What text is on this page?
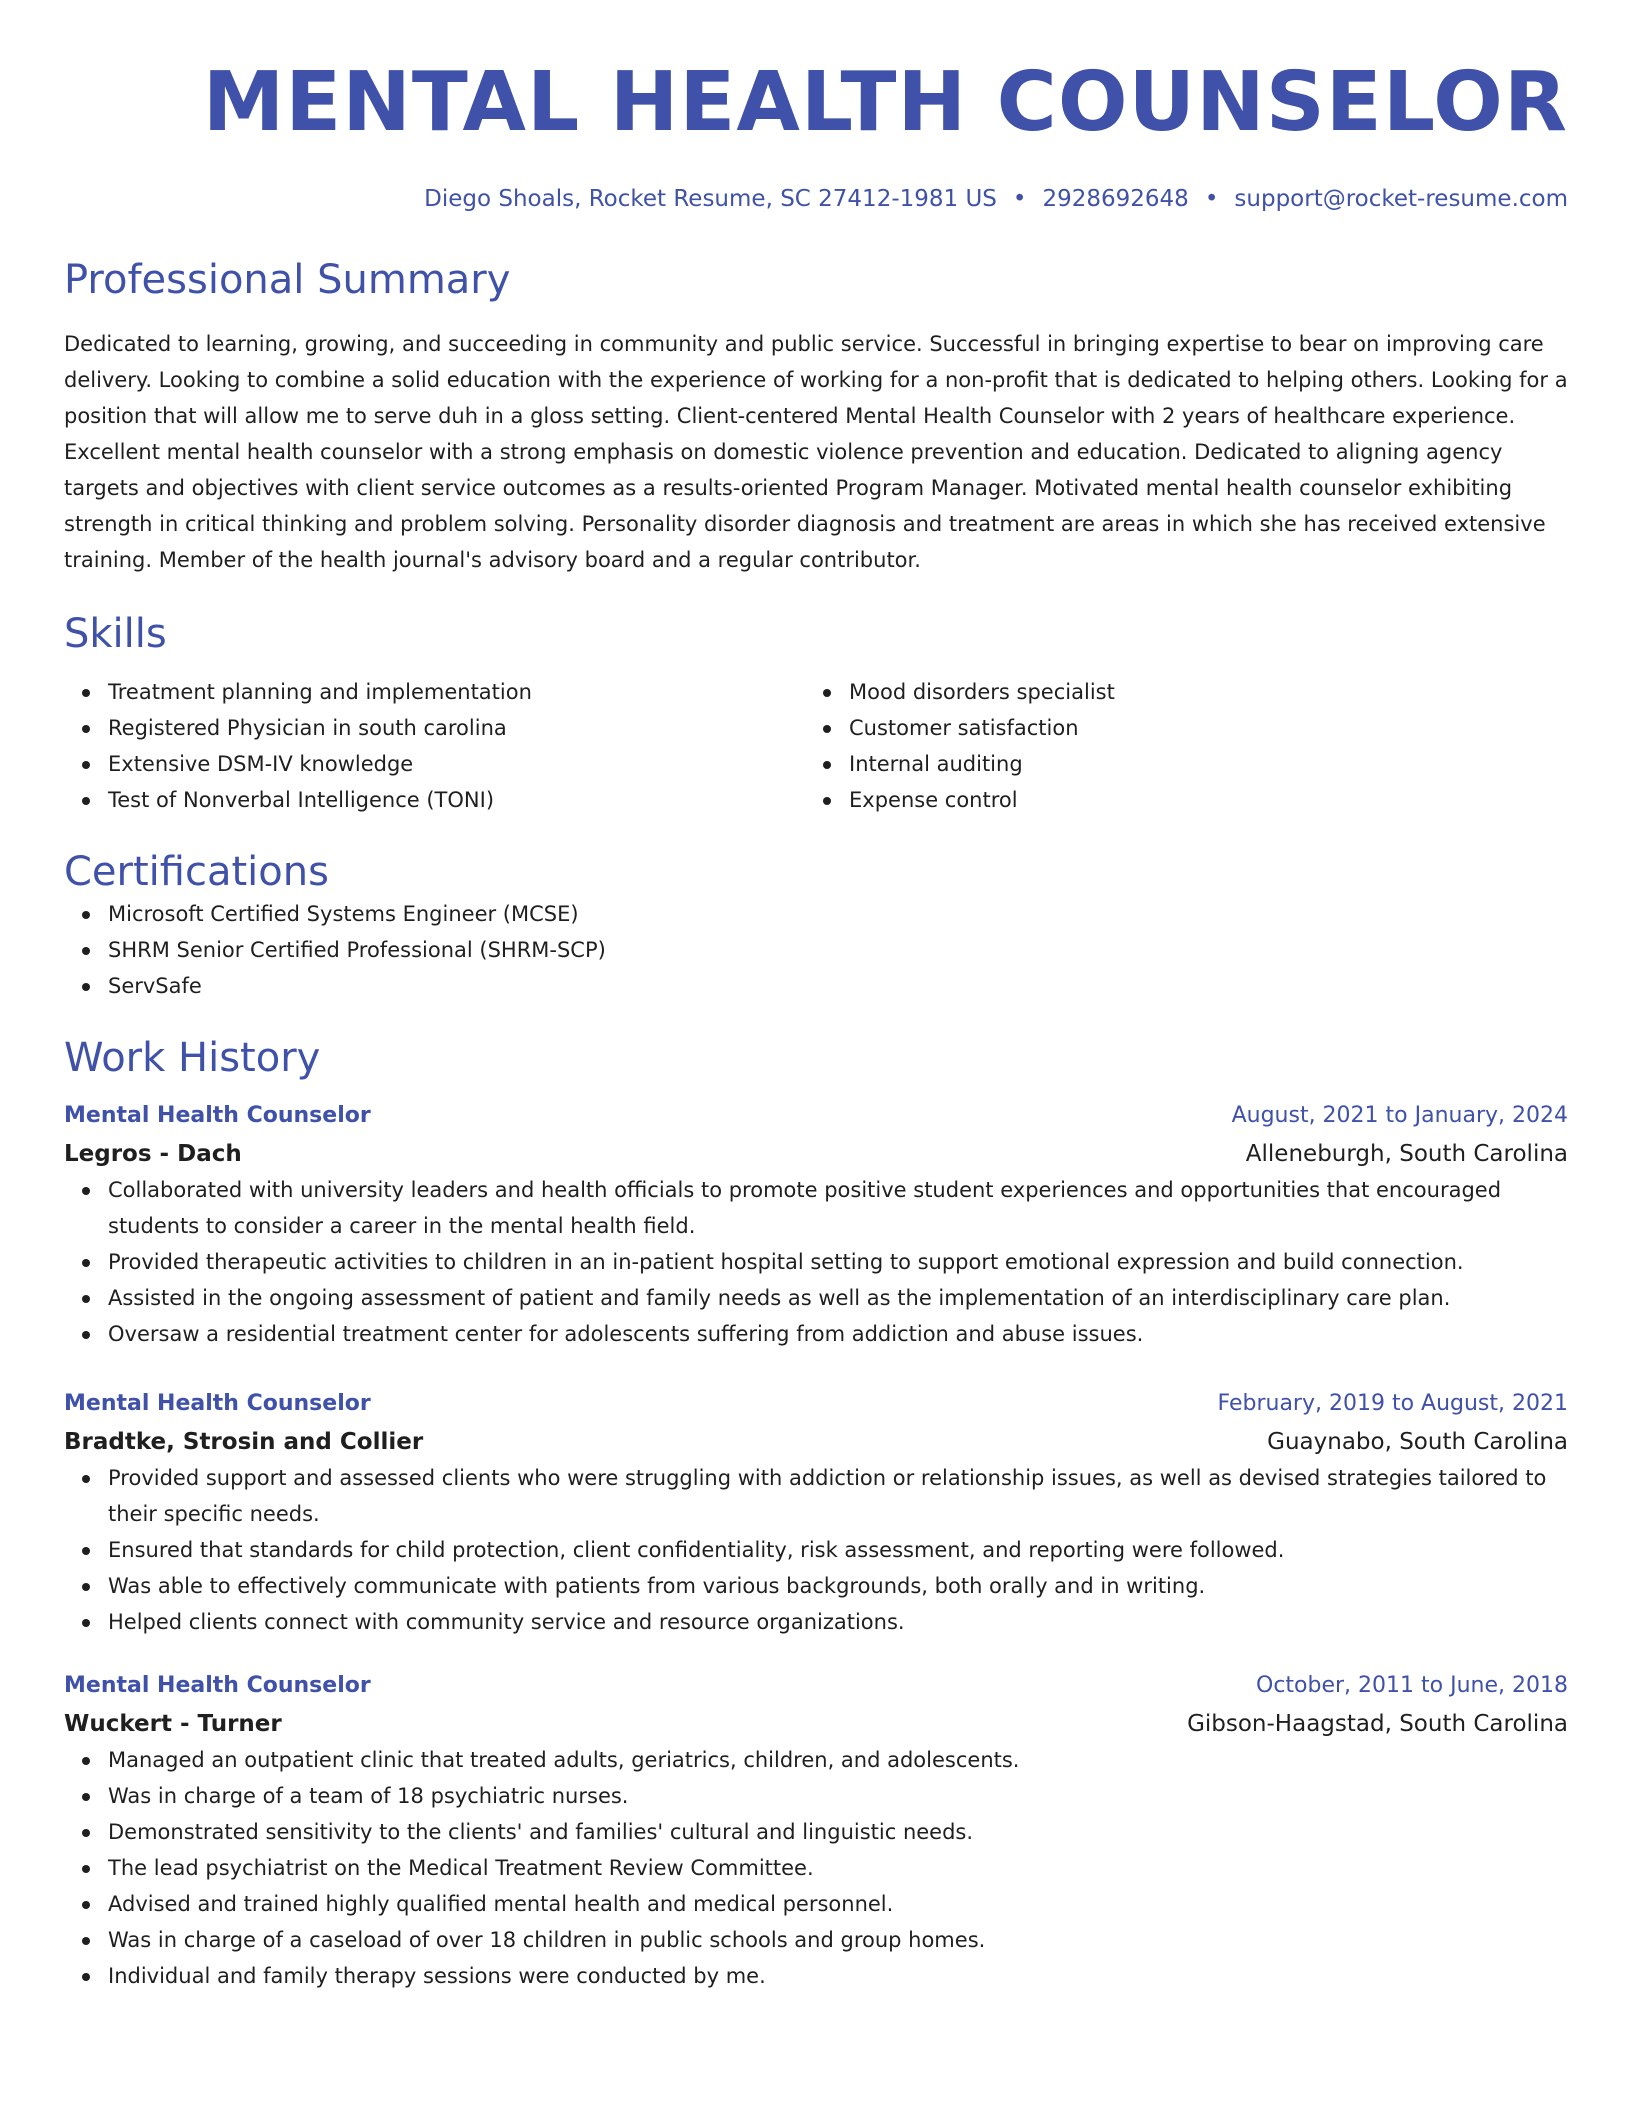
MENTAL HEALTH COUNSELOR
Diego Shoals, Rocket Resume, SC 27412-1981 US • 2928692648 • support@rocket-resume.com
Professional Summary

Dedicated to learning, growing, and succeeding in community and public service. Successful in bringing expertise to bear on improving care delivery. Looking to combine a solid education with the experience of working for a non-profit that is dedicated to helping others. Looking for a position that will allow me to serve duh in a gloss setting. Client-centered Mental Health Counselor with 2 years of healthcare experience. Excellent mental health counselor with a strong emphasis on domestic violence prevention and education. Dedicated to aligning agency targets and objectives with client service outcomes as a results-oriented Program Manager. Motivated mental health counselor exhibiting strength in critical thinking and problem solving. Personality disorder diagnosis and treatment are areas in which she has received extensive training. Member of the health journal's advisory board and a regular contributor.

Skills
Treatment planning and implementation
Registered Physician in south carolina
Extensive DSM-IV knowledge
Test of Nonverbal Intelligence (TONI)
Mood disorders specialist
Customer satisfaction
Internal auditing
Expense control
Certifications
Microsoft Certified Systems Engineer (MCSE)
SHRM Senior Certified Professional (SHRM-SCP)
ServSafe
Work History
Mental Health Counselor	August, 2021 to January, 2024
Legros - Dach	Alleneburgh, South Carolina
Collaborated with university leaders and health officials to promote positive student experiences and opportunities that encouraged students to consider a career in the mental health field.
Provided therapeutic activities to children in an in-patient hospital setting to support emotional expression and build connection.
Assisted in the ongoing assessment of patient and family needs as well as the implementation of an interdisciplinary care plan.
Oversaw a residential treatment center for adolescents suffering from addiction and abuse issues.
Mental Health Counselor	February, 2019 to August, 2021
Bradtke, Strosin and Collier	Guaynabo, South Carolina
Provided support and assessed clients who were struggling with addiction or relationship issues, as well as devised strategies tailored to their specific needs.
Ensured that standards for child protection, client confidentiality, risk assessment, and reporting were followed.
Was able to effectively communicate with patients from various backgrounds, both orally and in writing.
Helped clients connect with community service and resource organizations.
Mental Health Counselor	October, 2011 to June, 2018
Wuckert - Turner	Gibson-Haagstad, South Carolina
Managed an outpatient clinic that treated adults, geriatrics, children, and adolescents.
Was in charge of a team of 18 psychiatric nurses.
Demonstrated sensitivity to the clients' and families' cultural and linguistic needs.
The lead psychiatrist on the Medical Treatment Review Committee.
Advised and trained highly qualified mental health and medical personnel.
Was in charge of a caseload of over 18 children in public schools and group homes.
Individual and family therapy sessions were conducted by me.
